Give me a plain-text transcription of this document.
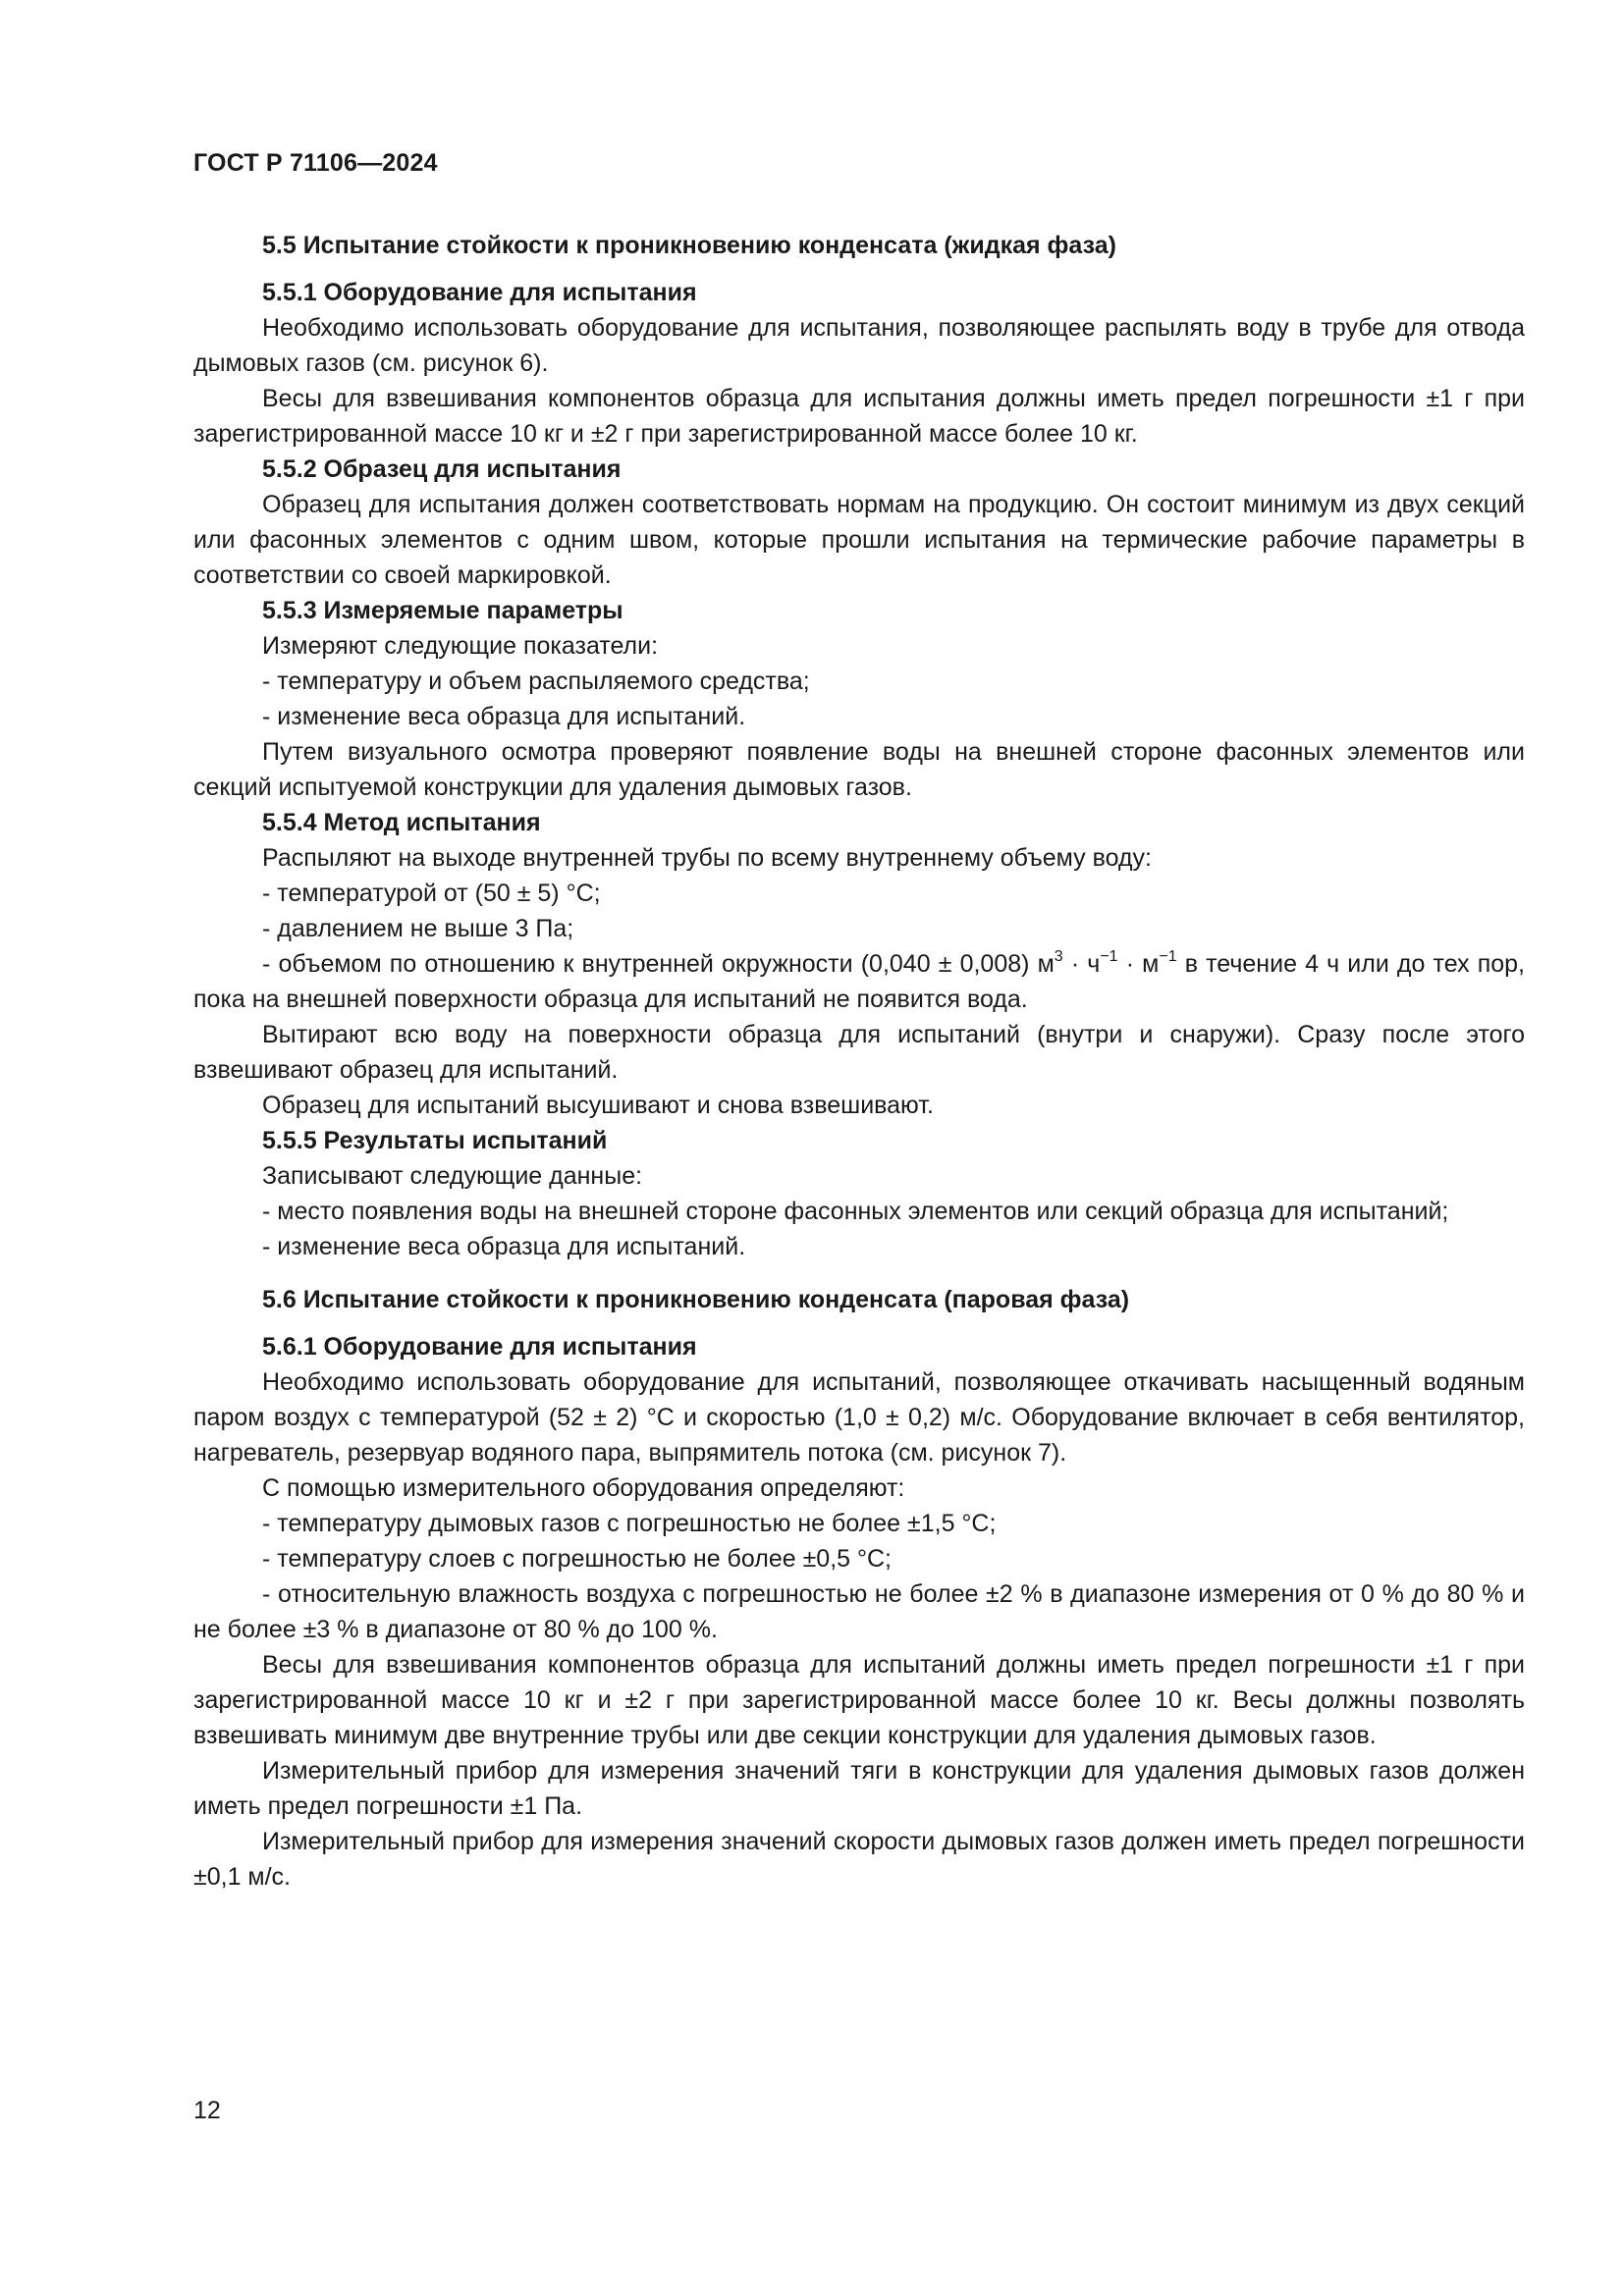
ГОСТ Р 71106—2024

5.5 Испытание стойкости к проникновению конденсата (жидкая фаза)

5.5.1 Оборудование для испытания

Необходимо использовать оборудование для испытания, позволяющее распылять воду в трубе для отвода дымовых газов (см. рисунок 6).

Весы для взвешивания компонентов образца для испытания должны иметь предел погрешности ±1 г при зарегистрированной массе 10 кг и ±2 г при зарегистрированной массе более 10 кг.

5.5.2 Образец для испытания

Образец для испытания должен соответствовать нормам на продукцию. Он состоит минимум из двух секций или фасонных элементов с одним швом, которые прошли испытания на термические рабочие параметры в соответствии со своей маркировкой.

5.5.3 Измеряемые параметры

Измеряют следующие показатели:

- температуру и объем распыляемого средства;

- изменение веса образца для испытаний.

Путем визуального осмотра проверяют появление воды на внешней стороне фасонных элементов или секций испытуемой конструкции для удаления дымовых газов.

5.5.4 Метод испытания

Распыляют на выходе внутренней трубы по всему внутреннему объему воду:

- температурой от (50 ± 5) °С;

- давлением не выше 3 Па;

- объемом по отношению к внутренней окружности (0,040 ± 0,008) $м^3 \cdot ч^{-1} \cdot м^{-1}$ в течение 4 ч или до тех пор, пока на внешней поверхности образца для испытаний не появится вода.

Вытирают всю воду на поверхности образца для испытаний (внутри и снаружи). Сразу после этого взвешивают образец для испытаний.

Образец для испытаний высушивают и снова взвешивают.

5.5.5 Результаты испытаний

Записывают следующие данные:

- место появления воды на внешней стороне фасонных элементов или секций образца для испытаний;

- изменение веса образца для испытаний.

5.6 Испытание стойкости к проникновению конденсата (паровая фаза)

5.6.1 Оборудование для испытания

Необходимо использовать оборудование для испытаний, позволяющее откачивать насыщенный водяным паром воздух с температурой (52 ± 2) °С и скоростью (1,0 ± 0,2) м/с. Оборудование включает в себя вентилятор, нагреватель, резервуар водяного пара, выпрямитель потока (см. рисунок 7).

С помощью измерительного оборудования определяют:

- температуру дымовых газов с погрешностью не более ±1,5 °С;

- температуру слоев с погрешностью не более ±0,5 °С;

- относительную влажность воздуха с погрешностью не более ±2 % в диапазоне измерения от 0 % до 80 % и не более ±3 % в диапазоне от 80 % до 100 %.

Весы для взвешивания компонентов образца для испытаний должны иметь предел погрешности ±1 г при зарегистрированной массе 10 кг и ±2 г при зарегистрированной массе более 10 кг. Весы должны позволять взвешивать минимум две внутренние трубы или две секции конструкции для удаления дымовых газов.

Измерительный прибор для измерения значений тяги в конструкции для удаления дымовых газов должен иметь предел погрешности ±1 Па.

Измерительный прибор для измерения значений скорости дымовых газов должен иметь предел погрешности ±0,1 м/с.

12
